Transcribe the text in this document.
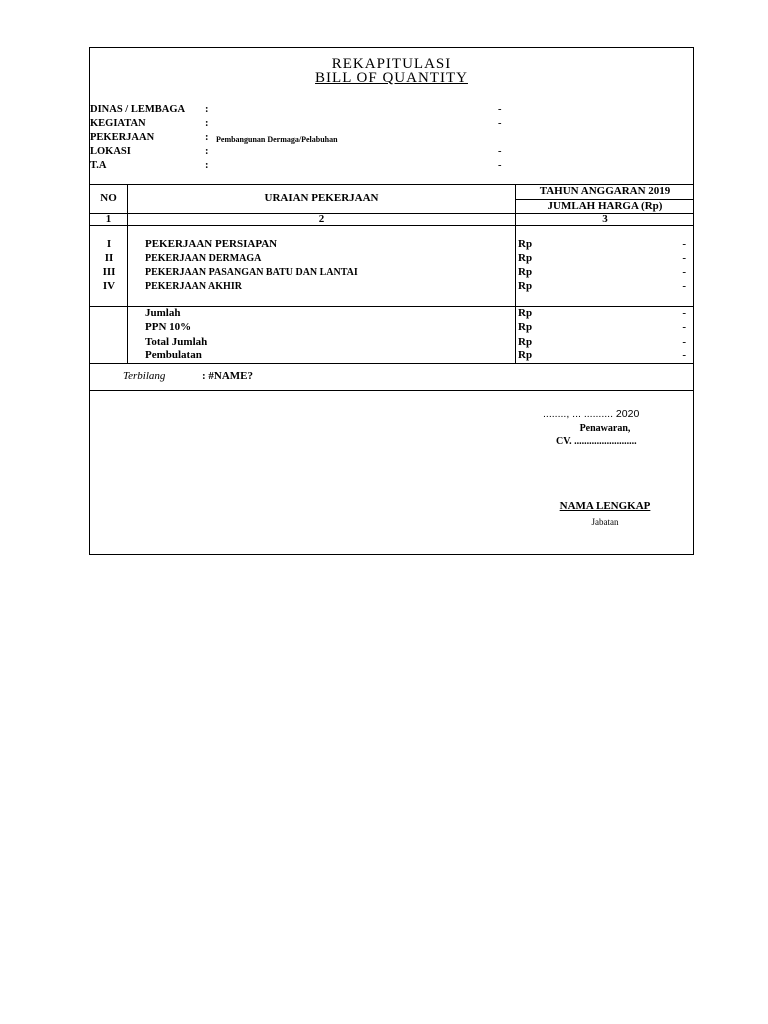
REKAPITULASI
BILL OF QUANTITY
DINAS / LEMBAGA :	-
KEGIATAN	:	-
PEKERJAAN	: Pembangunan Dermaga/Pelabuhan
LOKASI	:	-
T.A	:	-
NO	URAIAN PEKERJAAN
TAHUN ANGGARAN 2019
JUMLAH HARGA (Rp)
1	2	3
I	PEKERJAAN PERSIAPAN	Rp	-
II	PEKERJAAN DERMAGA	Rp	-
III	PEKERJAAN PASANGAN BATU DAN LANTAI	Rp	-
IV	PEKERJAAN AKHIR	Rp	-
Jumlah	Rp	-
PPN 10%	Rp	-
Total Jumlah	Rp	-
Pembulatan	Rp	-
Terbilang	: #NAME?
........, ... .......... 2020
Penawaran,
CV. .........................
NAMA LENGKAP
Jabatan
